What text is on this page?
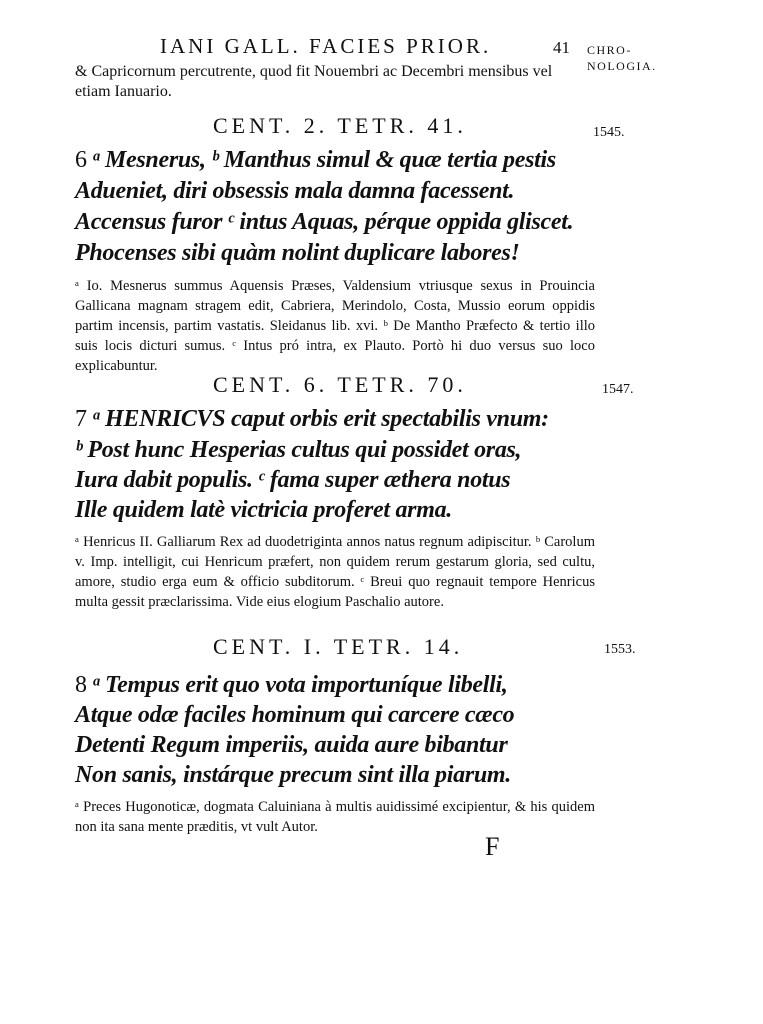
IANI GALL. FACIES PRIOR.	41 CHRO-
NOLOGIA.
& Capricornum percutrente, quod fit Nouembri ac Decembri mensibus vel
etiam Ianuario.
CENT. 2. TETR. 41.	1545.
6 ᵃ Mesnerus, ᵇ Manthus simul & quæ tertia pestis
Adueniet, diri obsessis mala damna facessent.
Accensus furor ᶜ intus Aquas, pérque oppida gliscet.
Phocenses sibi quàm nolint duplicare labores!
ᵃ Io. Mesnerus summus Aquensis Præses, Valdensium vtriusque sexus in Prouincia Gallicana magnam stragem edit, Cabriera, Merindolo, Costa, Mussio eorum oppidis partim incensis, partim vastatis. Sleidanus lib. xvi. ᵇ De Mantho Præfecto & tertio illo suis locis dicturi sumus. ᶜ Intus pró intra, ex Plauto. Portò hi duo versus suo loco explicabuntur.
CENT. 6. TETR. 70.	1547.
7 ᵃ HENRICVS caput orbis erit spectabilis vnum:
ᵇ Post hunc Hesperias cultus qui possidet oras,
Iura dabit populis. ᶜ fama super æthera notus
Ille quidem latè victricia proferet arma.
ᵃ Henricus II. Galliarum Rex ad duodetriginta annos natus regnum adipiscitur. ᵇ Carolum v. Imp. intelligit, cui Henricum præfert, non quidem rerum gestarum gloria, sed cultu, amore, studio erga eum & officio subditorum. ᶜ Breui quo regnauit tempore Henricus multa gessit præclarissima. Vide eius elogium Paschalio autore.
CENT. I. TETR. 14.	1553.
8 ᵃ Tempus erit quo vota importuníque libelli,
Atque odæ faciles hominum qui carcere cæco
Detenti Regum imperiis, auida aure bibantur
Non sanis, instárque precum sint illa piarum.
ᵃ Preces Hugonoticæ, dogmata Caluiniana à multis auidissimé excipientur, & his quidem non ita sana mente præditis, vt vult Autor.
F
